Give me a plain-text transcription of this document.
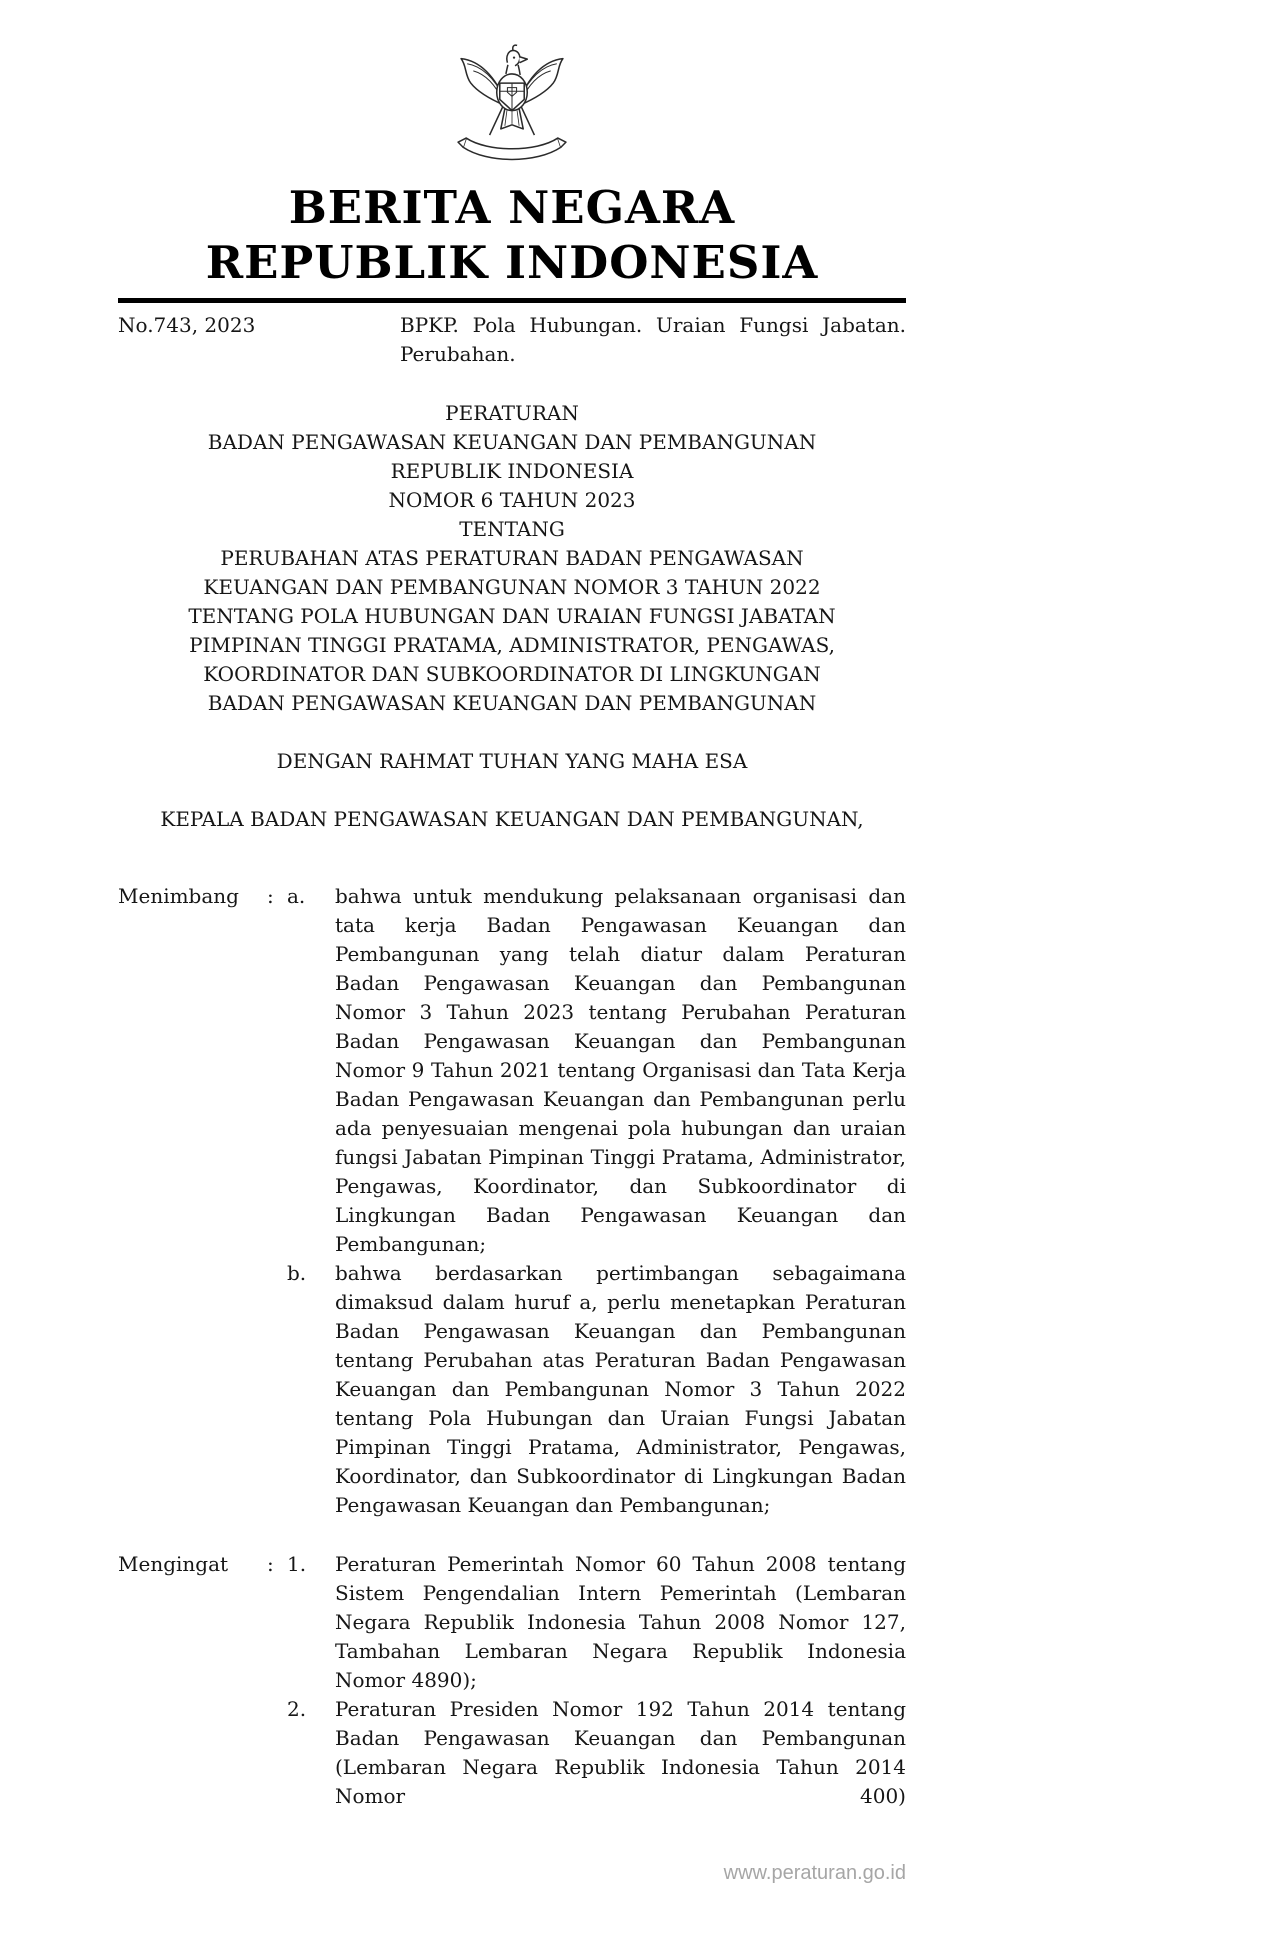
BERITA NEGARA
REPUBLIK INDONESIA
No.743, 2023	BPKP. Pola Hubungan. Uraian Fungsi Jabatan. Perubahan.
PERATURAN
BADAN PENGAWASAN KEUANGAN DAN PEMBANGUNAN
REPUBLIK INDONESIA
NOMOR 6 TAHUN 2023
TENTANG
PERUBAHAN ATAS PERATURAN BADAN PENGAWASAN
KEUANGAN DAN PEMBANGUNAN NOMOR 3 TAHUN 2022
TENTANG POLA HUBUNGAN DAN URAIAN FUNGSI JABATAN
PIMPINAN TINGGI PRATAMA, ADMINISTRATOR, PENGAWAS,
KOORDINATOR DAN SUBKOORDINATOR DI LINGKUNGAN
BADAN PENGAWASAN KEUANGAN DAN PEMBANGUNAN
DENGAN RAHMAT TUHAN YANG MAHA ESA
KEPALA BADAN PENGAWASAN KEUANGAN DAN PEMBANGUNAN,
Menimbang	: a.	bahwa untuk mendukung pelaksanaan organisasi dan tata kerja Badan Pengawasan Keuangan dan Pembangunan yang telah diatur dalam Peraturan Badan Pengawasan Keuangan dan Pembangunan Nomor 3 Tahun 2023 tentang Perubahan Peraturan Badan Pengawasan Keuangan dan Pembangunan Nomor 9 Tahun 2021 tentang Organisasi dan Tata Kerja Badan Pengawasan Keuangan dan Pembangunan perlu ada penyesuaian mengenai pola hubungan dan uraian fungsi Jabatan Pimpinan Tinggi Pratama, Administrator, Pengawas, Koordinator, dan Subkoordinator di Lingkungan Badan Pengawasan Keuangan dan Pembangunan;
b.	bahwa berdasarkan pertimbangan sebagaimana dimaksud dalam huruf a, perlu menetapkan Peraturan Badan Pengawasan Keuangan dan Pembangunan tentang Perubahan atas Peraturan Badan Pengawasan Keuangan dan Pembangunan Nomor 3 Tahun 2022 tentang Pola Hubungan dan Uraian Fungsi Jabatan Pimpinan Tinggi Pratama, Administrator, Pengawas, Koordinator, dan Subkoordinator di Lingkungan Badan Pengawasan Keuangan dan Pembangunan;
Mengingat	: 1.	Peraturan Pemerintah Nomor 60 Tahun 2008 tentang Sistem Pengendalian Intern Pemerintah (Lembaran Negara Republik Indonesia Tahun 2008 Nomor 127, Tambahan Lembaran Negara Republik Indonesia Nomor 4890);
2.	Peraturan Presiden Nomor 192 Tahun 2014 tentang Badan Pengawasan Keuangan dan Pembangunan (Lembaran Negara Republik Indonesia Tahun 2014 Nomor 400)
www.peraturan.go.id
